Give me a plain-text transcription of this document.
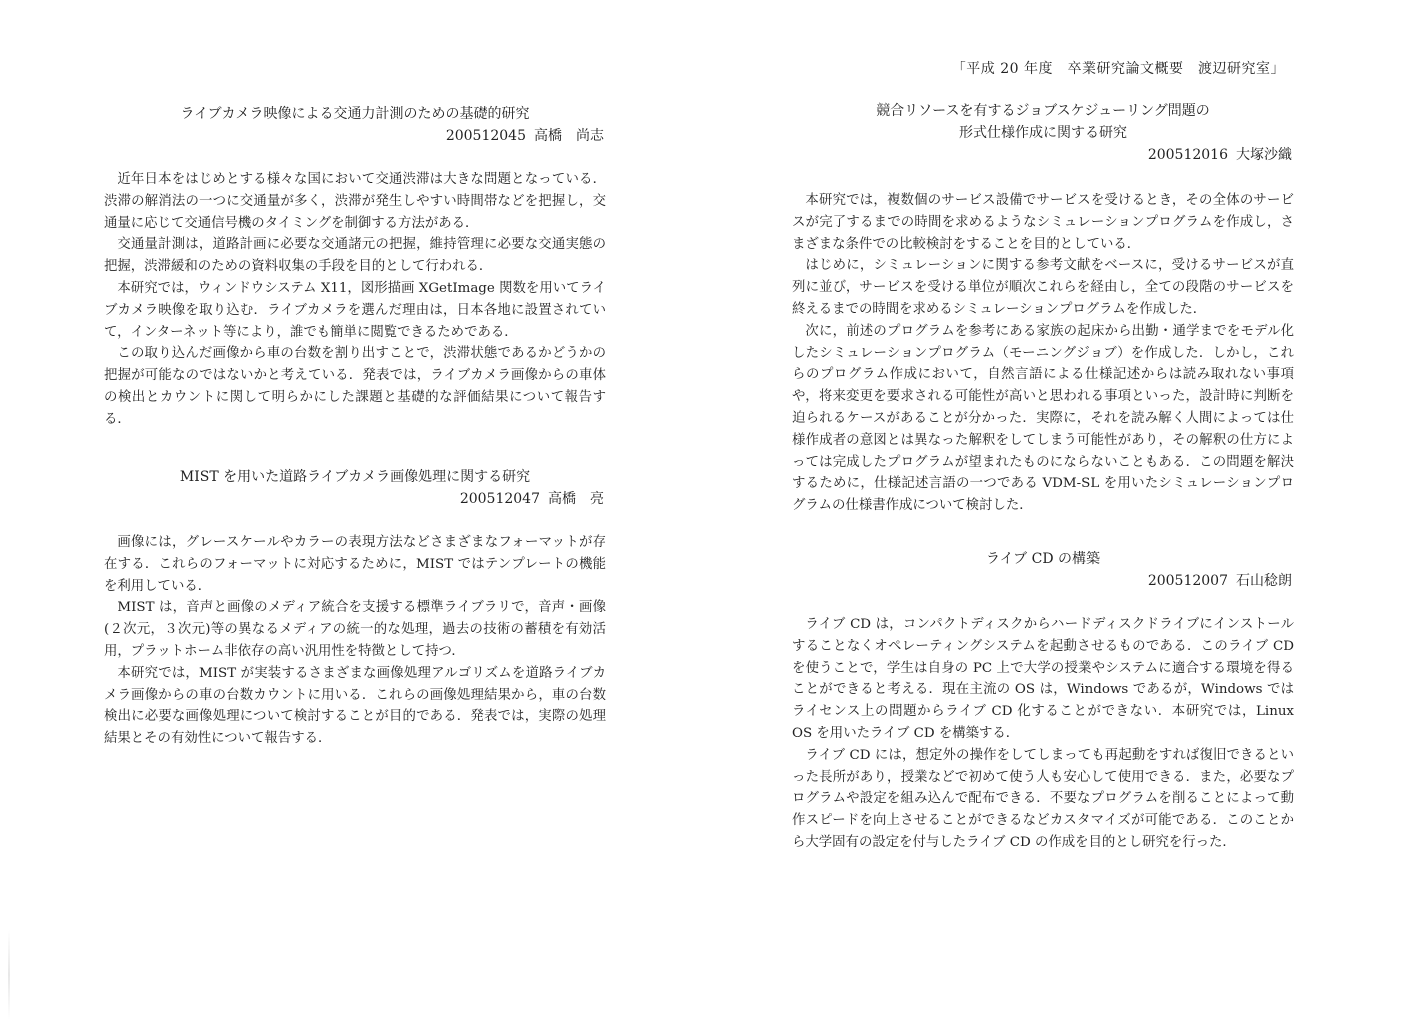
ライブカメラ映像による交通力計測のための基礎的研究
200512045 高橋　尚志

近年日本をはじめとする様々な国において交通渋滞は大きな問題となっている．渋滞の解消法の一つに交通量が多く，渋滞が発生しやすい時間帯などを把握し，交通量に応じて交通信号機のタイミングを制御する方法がある．

交通量計測は，道路計画に必要な交通諸元の把握，維持管理に必要な交通実態の把握，渋滞緩和のための資料収集の手段を目的として行われる．

本研究では，ウィンドウシステム X11，図形描画 XGetImage 関数を用いてライブカメラ映像を取り込む．ライブカメラを選んだ理由は，日本各地に設置されていて，インターネット等により，誰でも簡単に閲覧できるためである．

この取り込んだ画像から車の台数を割り出すことで，渋滞状態であるかどうかの把握が可能なのではないかと考えている．発表では，ライブカメラ画像からの車体の検出とカウントに関して明らかにした課題と基礎的な評価結果について報告する．

MIST を用いた道路ライブカメラ画像処理に関する研究
200512047 高橋　亮

画像には，グレースケールやカラーの表現方法などさまざまなフォーマットが存在する．これらのフォーマットに対応するために，MIST ではテンプレートの機能を利用している．

MIST は，音声と画像のメディア統合を支援する標準ライブラリで，音声・画像(２次元，３次元)等の異なるメディアの統一的な処理，過去の技術の蓄積を有効活用，プラットホーム非依存の高い汎用性を特徴として持つ．

本研究では，MIST が実装するさまざまな画像処理アルゴリズムを道路ライブカメラ画像からの車の台数カウントに用いる．これらの画像処理結果から，車の台数検出に必要な画像処理について検討することが目的である．発表では，実際の処理結果とその有効性について報告する．

「平成 20 年度　卒業研究論文概要　渡辺研究室」
競合リソースを有するジョブスケジューリング問題の
形式仕様作成に関する研究
200512016 大塚沙織

本研究では，複数個のサービス設備でサービスを受けるとき，その全体のサービスが完了するまでの時間を求めるようなシミュレーションプログラムを作成し，さまざまな条件での比較検討をすることを目的としている．

はじめに，シミュレーションに関する参考文献をベースに，受けるサービスが直列に並び，サービスを受ける単位が順次これらを経由し，全ての段階のサービスを終えるまでの時間を求めるシミュレーションプログラムを作成した．

次に，前述のプログラムを参考にある家族の起床から出勤・通学までをモデル化したシミュレーションプログラム（モーニングジョブ）を作成した．しかし，これらのプログラム作成において，自然言語による仕様記述からは読み取れない事項や，将来変更を要求される可能性が高いと思われる事項といった，設計時に判断を迫られるケースがあることが分かった．実際に，それを読み解く人間によっては仕様作成者の意図とは異なった解釈をしてしまう可能性があり，その解釈の仕方によっては完成したプログラムが望まれたものにならないこともある．この問題を解決するために，仕様記述言語の一つである VDM-SL を用いたシミュレーションプログラムの仕様書作成について検討した．

ライブ CD の構築
200512007 石山稔朗

ライブ CD は，コンパクトディスクからハードディスクドライブにインストールすることなくオペレーティングシステムを起動させるものである．このライブ CD を使うことで，学生は自身の PC 上で大学の授業やシステムに適合する環境を得ることができると考える．現在主流の OS は，Windows であるが，Windows ではライセンス上の問題からライブ CD 化することができない．本研究では，Linux OS を用いたライブ CD を構築する．

ライブ CD には，想定外の操作をしてしまっても再起動をすれば復旧できるといった長所があり，授業などで初めて使う人も安心して使用できる．また，必要なプログラムや設定を組み込んで配布できる．不要なプログラムを削ることによって動作スピードを向上させることができるなどカスタマイズが可能である．このことから大学固有の設定を付与したライブ CD の作成を目的とし研究を行った．
